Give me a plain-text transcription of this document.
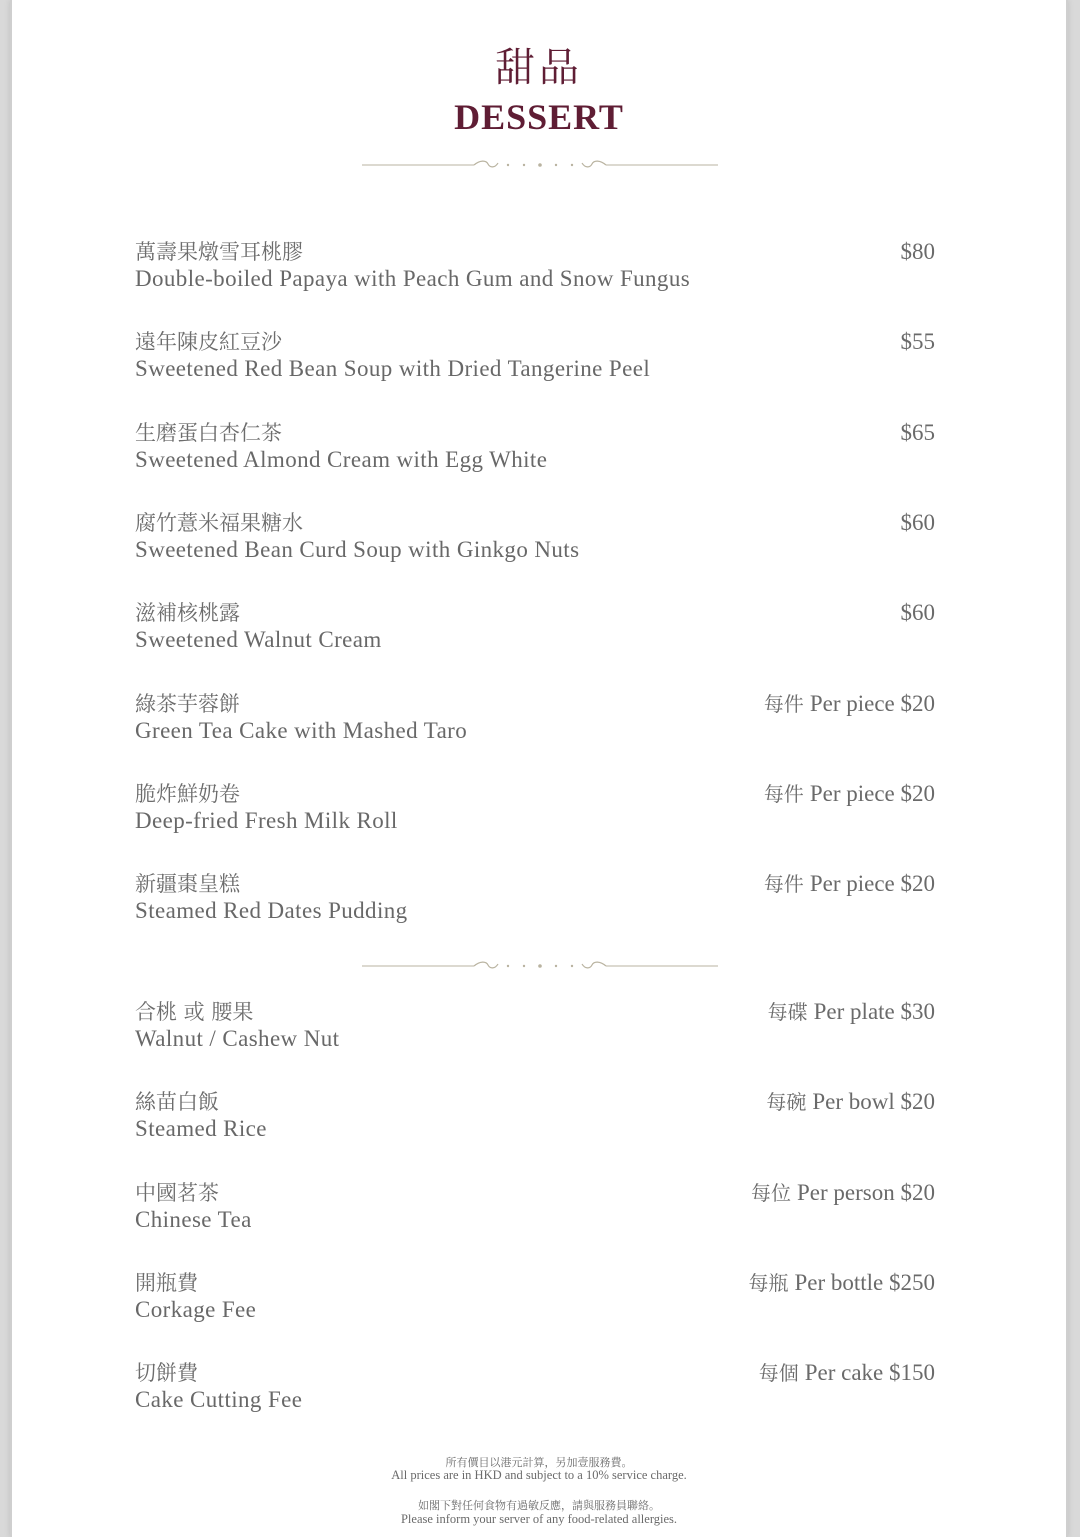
甜品
DESSERT
萬壽果燉雪耳桃膠
Double-boiled Papaya with Peach Gum and Snow Fungus
$80
遠年陳皮紅豆沙
Sweetened Red Bean Soup with Dried Tangerine Peel
$55
生磨蛋白杏仁茶
Sweetened Almond Cream with Egg White
$65
腐竹薏米福果糖水
Sweetened Bean Curd Soup with Ginkgo Nuts
$60
滋補核桃露
Sweetened Walnut Cream
$60
綠茶芋蓉餅
Green Tea Cake with Mashed Taro
每件 Per piece $20
脆炸鮮奶卷
Deep-fried Fresh Milk Roll
每件 Per piece $20
新疆棗皇糕
Steamed Red Dates Pudding
每件 Per piece $20
合桃 或 腰果
Walnut / Cashew Nut
每碟 Per plate $30
絲苗白飯
Steamed Rice
每碗 Per bowl $20
中國茗茶
Chinese Tea
每位 Per person $20
開瓶費
Corkage Fee
每瓶 Per bottle $250
切餅費
Cake Cutting Fee
每個 Per cake $150
所有價目以港元計算，另加壹服務費。
All prices are in HKD and subject to a 10% service charge.
如閣下對任何食物有過敏反應，請與服務員聯絡。
Please inform your server of any food-related allergies.
